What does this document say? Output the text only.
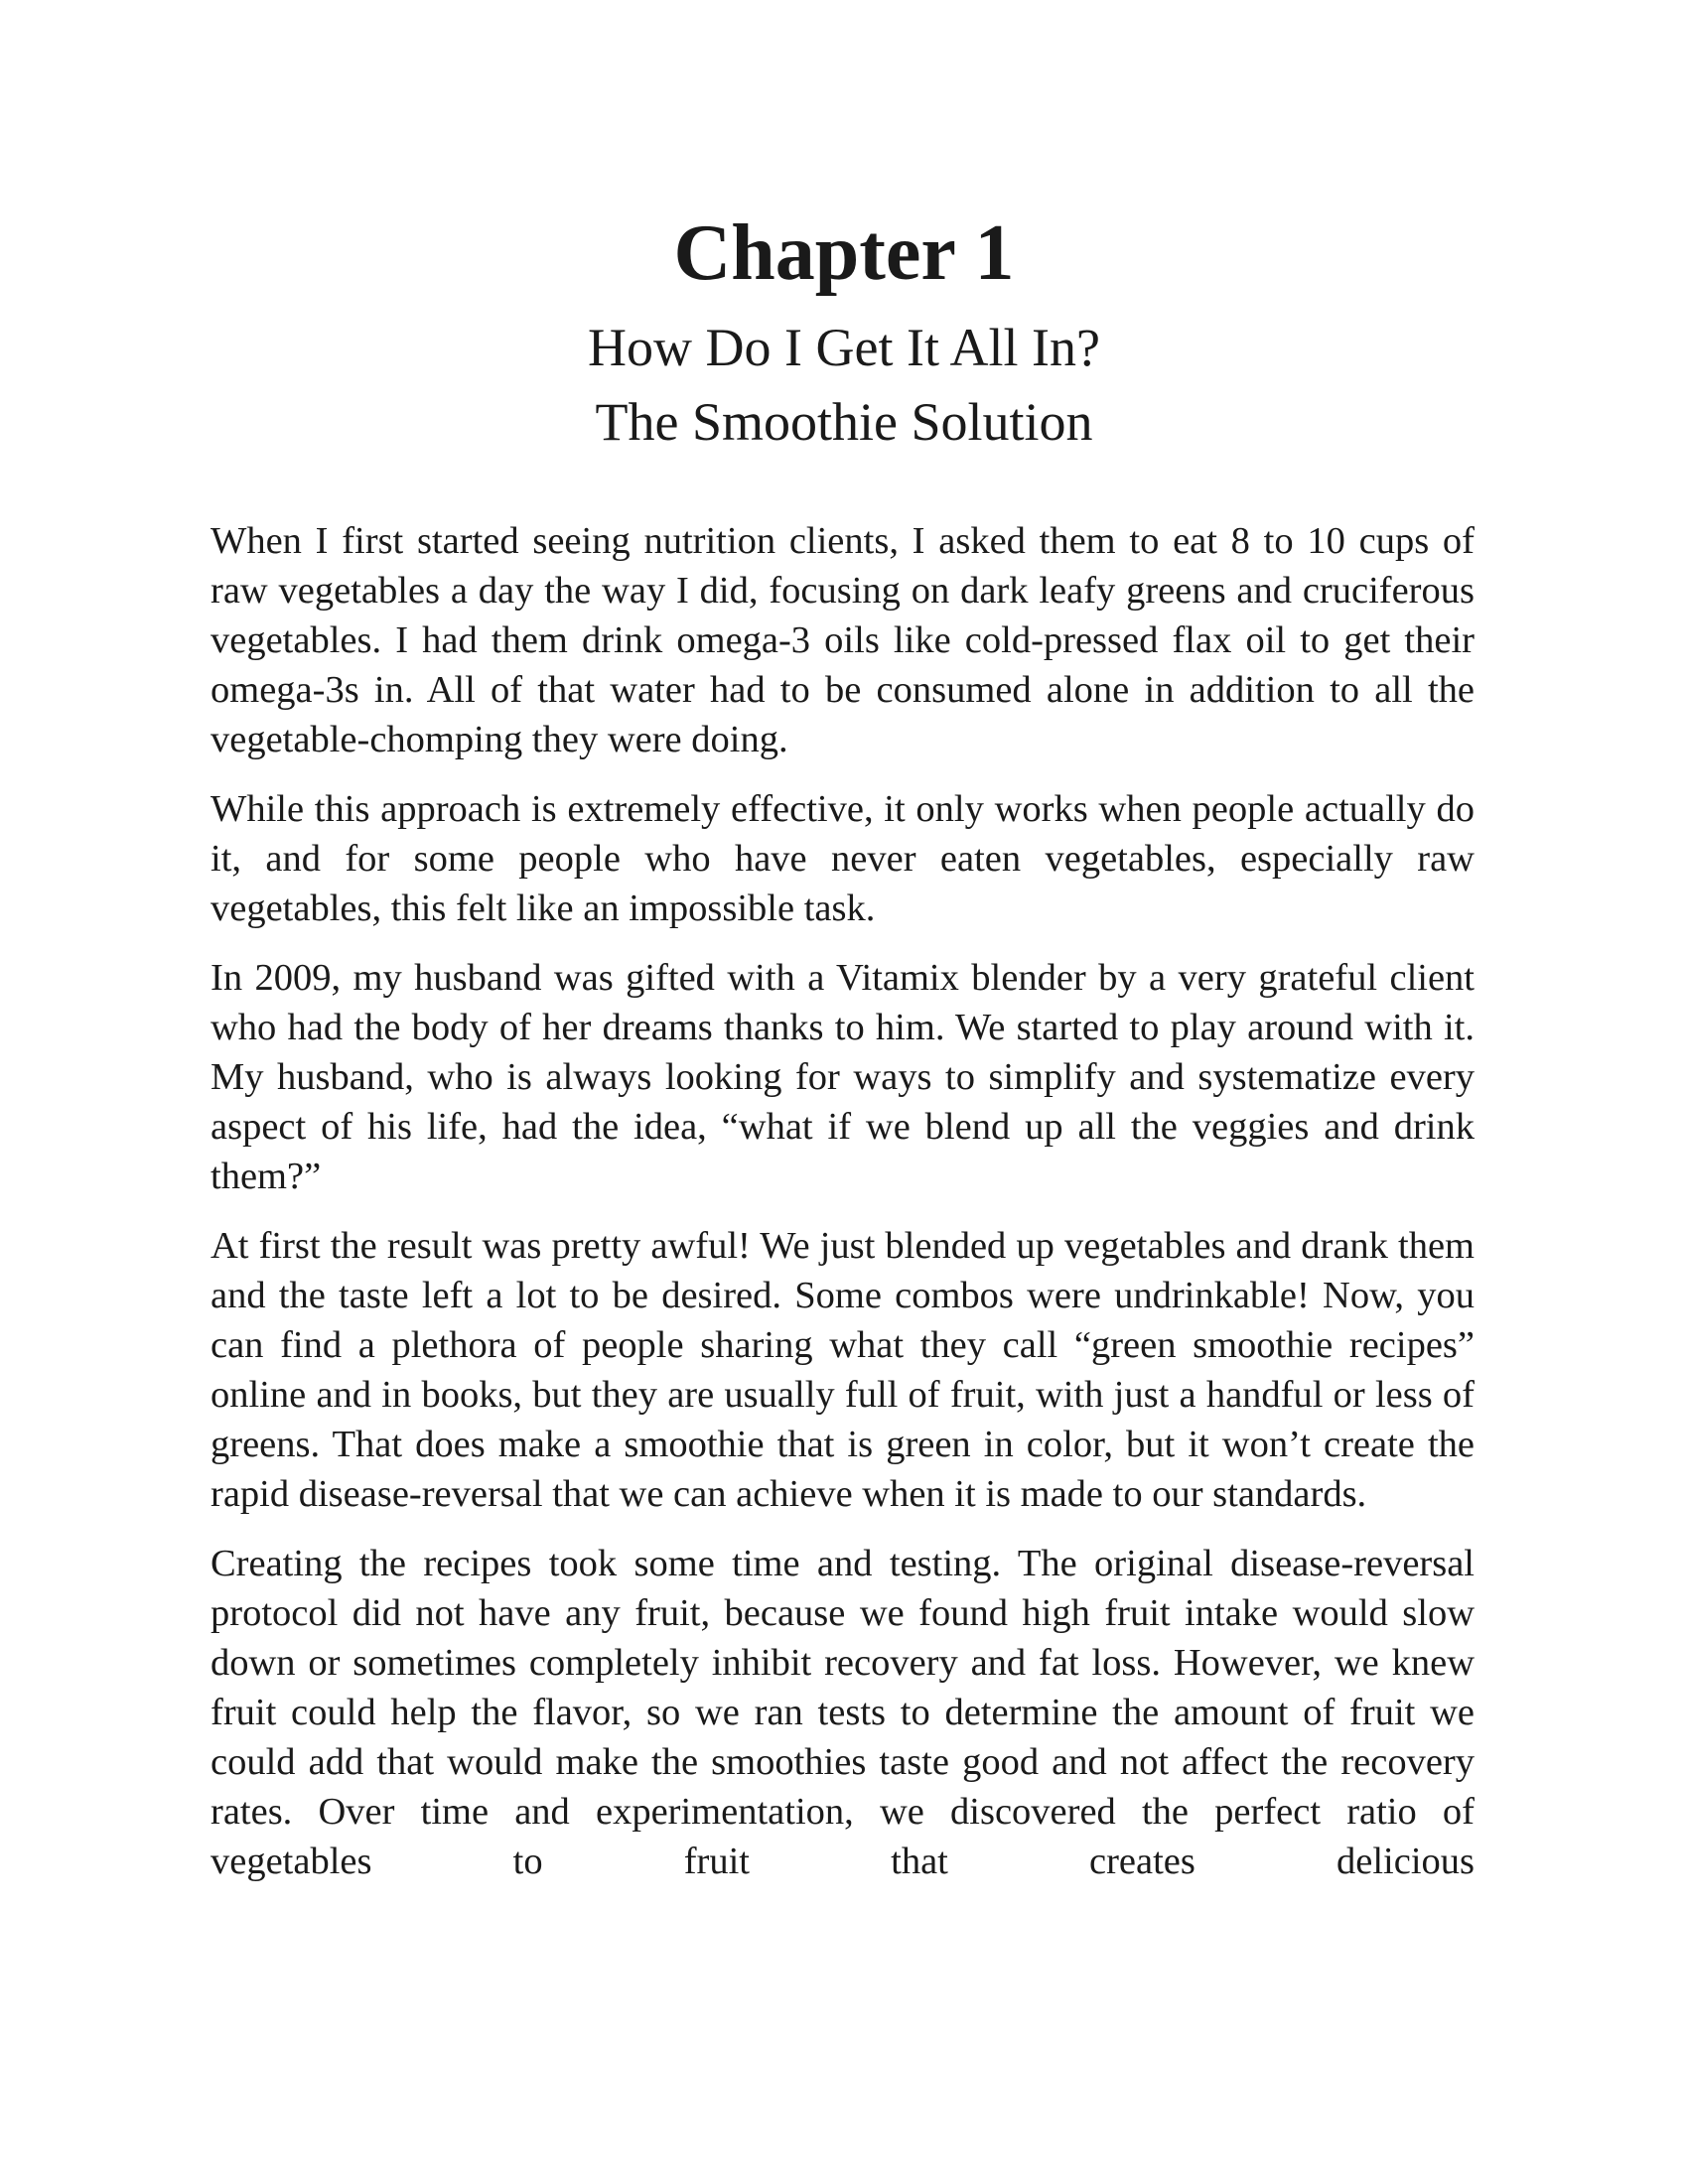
Chapter 1
How Do I Get It All In?
The Smoothie Solution

When I first started seeing nutrition clients, I asked them to eat 8 to 10 cups of raw vegetables a day the way I did, focusing on dark leafy greens and cruciferous vegetables. I had them drink omega-3 oils like cold-pressed flax oil to get their omega-3s in. All of that water had to be consumed alone in addition to all the vegetable-chomping they were doing.

While this approach is extremely effective, it only works when people actually do it, and for some people who have never eaten vegetables, especially raw vegetables, this felt like an impossible task.

In 2009, my husband was gifted with a Vitamix blender by a very grateful client who had the body of her dreams thanks to him. We started to play around with it. My husband, who is always looking for ways to simplify and systematize every aspect of his life, had the idea, “what if we blend up all the veggies and drink them?”

At first the result was pretty awful! We just blended up vegetables and drank them and the taste left a lot to be desired. Some combos were undrinkable! Now, you can find a plethora of people sharing what they call “green smoothie recipes” online and in books, but they are usually full of fruit, with just a handful or less of greens. That does make a smoothie that is green in color, but it won’t create the rapid disease-reversal that we can achieve when it is made to our standards.

Creating the recipes took some time and testing. The original disease-reversal protocol did not have any fruit, because we found high fruit intake would slow down or sometimes completely inhibit recovery and fat loss. However, we knew fruit could help the flavor, so we ran tests to determine the amount of fruit we could add that would make the smoothies taste good and not affect the recovery rates. Over time and experimentation, we discovered the perfect ratio of vegetables to fruit that creates delicious
